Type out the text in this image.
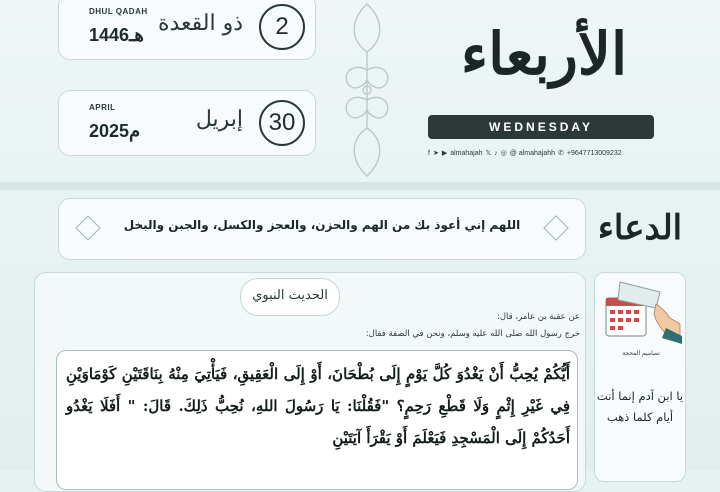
2
ذو القعدة
DHUL QADAH
1446هـ
30
إبريل
APRIL
2025م
الأربعاء
WEDNESDAY
f ➤ ▶ almahajah 𝕏 ♪ ◎ @ almahajahh ✆ +9647713009232
اللهم إني أعوذ بك من الهم والحزن، والعجز والكسل، والجبن والبخل	الدعاء
الحديث النبوي
عن عقبة بن عامر، قال:
خرج رسول الله صلى الله عليه وسلم، ونحن في الصفة فقال:
أَيُّكُمْ يُحِبُّ أَنْ يَغْدُوَ كُلَّ يَوْمٍ إِلَى بُطْحَانَ، أَوْ إِلَى الْعَقِيقِ، فَيَأْتِيَ مِنْهُ بِنَاقَتَيْنِ كَوْمَاوَيْنِ فِي غَيْرِ إِثْمٍ وَلَا قَطْعِ رَحِمٍ؟ "فَقُلْنَا: يَا رَسُولَ اللهِ، نُحِبُّ ذَلِكَ. قَالَ: " أَفَلَا يَغْدُو أَحَدُكُمْ إِلَى الْمَسْجِدِ فَيَعْلَمَ أَوْ يَقْرَأَ آيَتَيْنِ
تصاميم المحجة
يا ابن آدم إنما أنت أيام كلما ذهب
